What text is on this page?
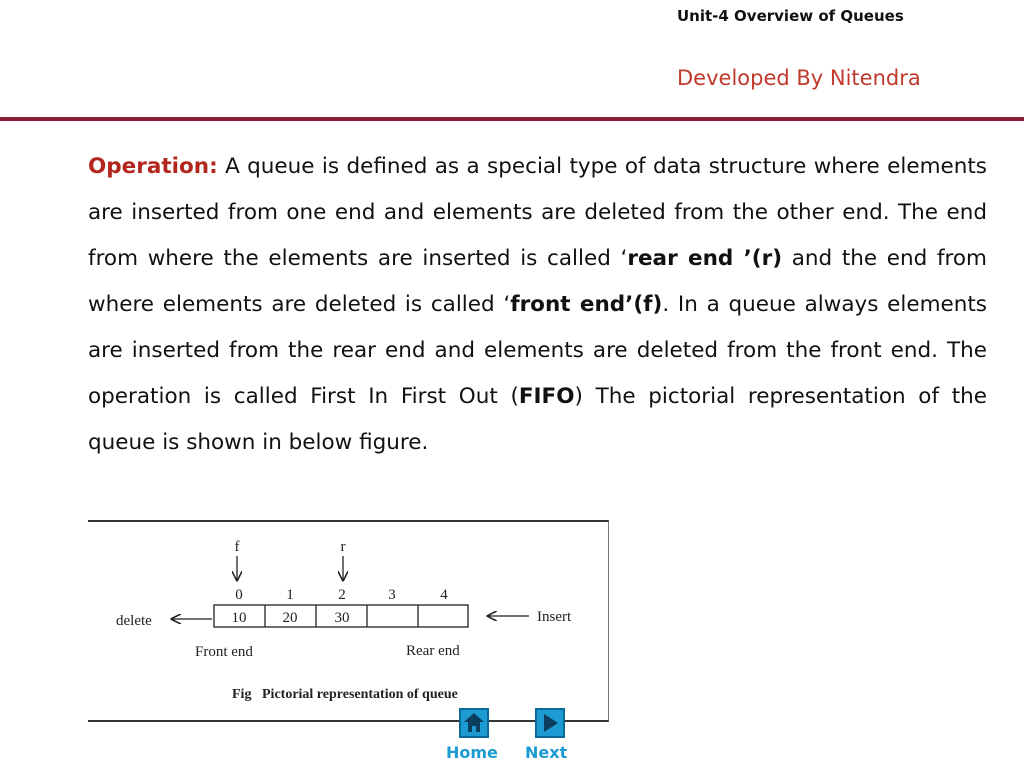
Unit-4 Overview of Queues
Developed By Nitendra

Operation: A queue is defined as a special type of data structure where elements are inserted from one end and elements are deleted from the other end. The end from where the elements are inserted is called ‘rear end ’(r) and the end from where elements are deleted is called ‘front end’(f). In a queue always elements are inserted from the rear end and elements are deleted from the front end. The operation is called First In First Out (FIFO) The pictorial representation of the queue is shown in below figure.

f	r
0	1	2	3	4
10 20 30
delete	Insert
Front end	Rear end
Fig Pictorial representation of queue
Home Next
